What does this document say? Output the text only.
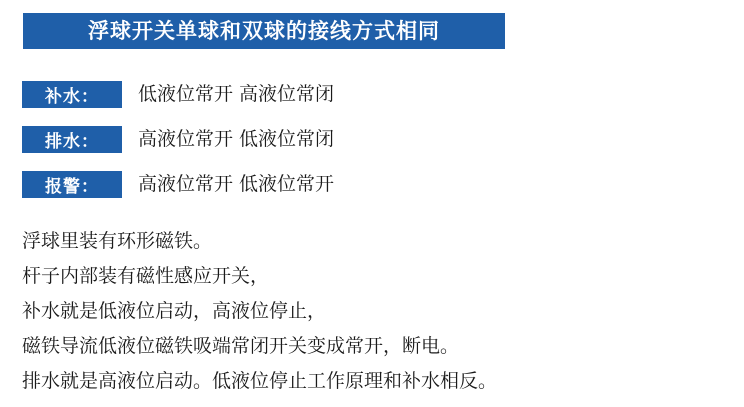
浮球开关单球和双球的接线方式相同
补水：	低液位常开 高液位常闭
排水：	高液位常开 低液位常闭
报警：	高液位常开 低液位常开

浮球里装有环形磁铁。

杆子内部装有磁性感应开关，

补水就是低液位启动，高液位停止，

磁铁导流低液位磁铁吸端常闭开关变成常开，断电。

排水就是高液位启动。低液位停止工作原理和补水相反。
